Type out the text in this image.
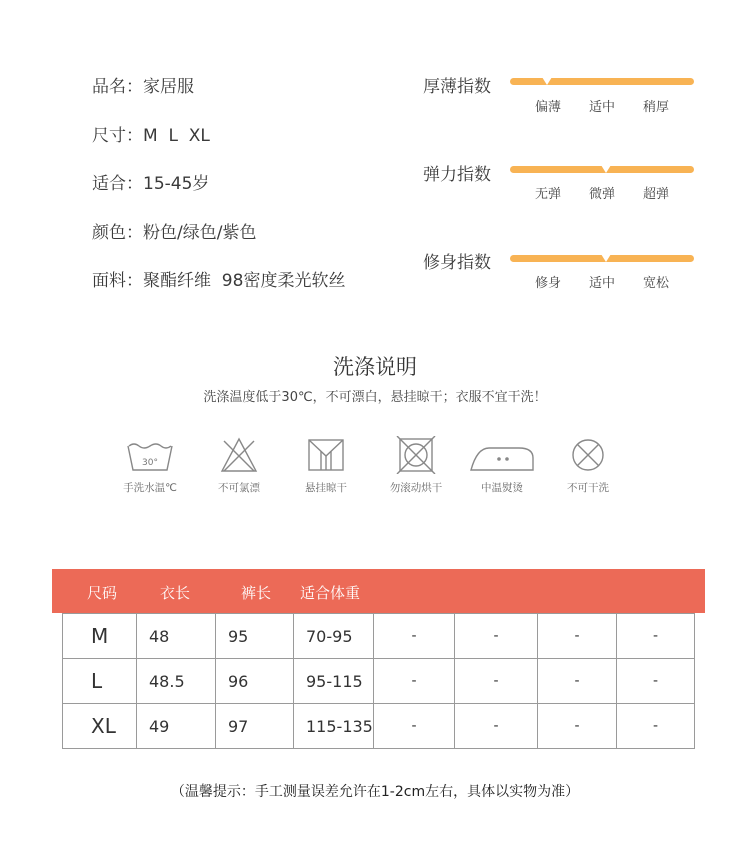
品名：家居服
尺寸：M  L  XL
适合：15-45岁
颜色：粉色/绿色/紫色
面料：聚酯纤维  98密度柔光软丝
厚薄指数
偏薄	适中	稍厚
弹力指数
无弹	微弹	超弹
修身指数
修身	适中	宽松
洗涤说明
洗涤温度低于30℃，不可漂白，悬挂晾干；衣服不宜干洗！
30°
手洗水温℃	不可氯漂	悬挂晾干	勿滚动烘干	中温熨烫	不可干洗
尺码	衣长	裤长 适合体重
M	48	95	70-95	-	-	-	-
L	48.5	96	95-115	-	-	-	-
XL	49	97	115-135	-	-	-	-
（温馨提示：手工测量误差允许在1-2cm左右，具体以实物为准）
